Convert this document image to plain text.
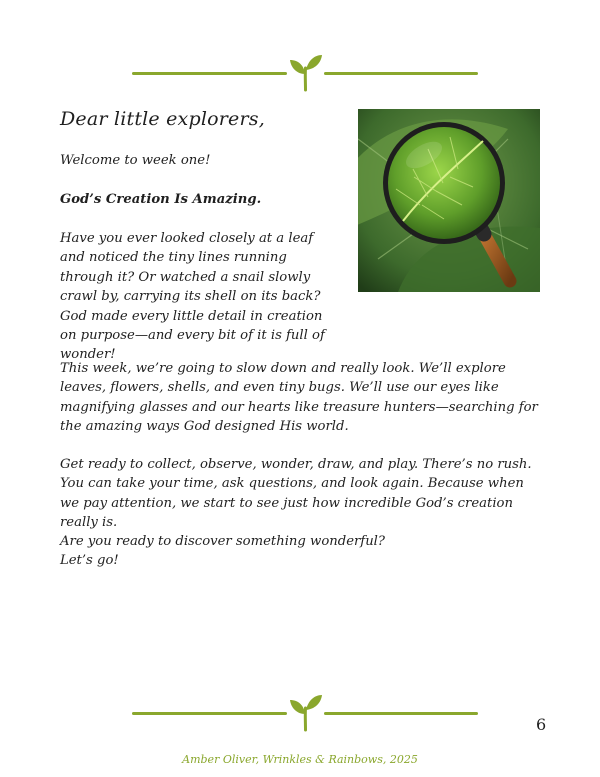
Dear little explorers,

Welcome to week one!

God’s Creation Is Amazing.

Have you ever looked closely at a leaf and noticed the tiny lines running through it? Or watched a snail slowly crawl by, carrying its shell on its back? God made every little detail in creation on purpose—and every bit of it is full of wonder!

This week, we’re going to slow down and really look. We’ll explore leaves, flowers, shells, and even tiny bugs. We’ll use our eyes like magnifying glasses and our hearts like treasure hunters—searching for the amazing ways God designed His world.

Get ready to collect, observe, wonder, draw, and play. There’s no rush. You can take your time, ask questions, and look again. Because when we pay attention, we start to see just how incredible God’s creation really is.

Are you ready to discover something wonderful?
Let’s go!

6
Amber Oliver, Wrinkles & Rainbows, 2025
